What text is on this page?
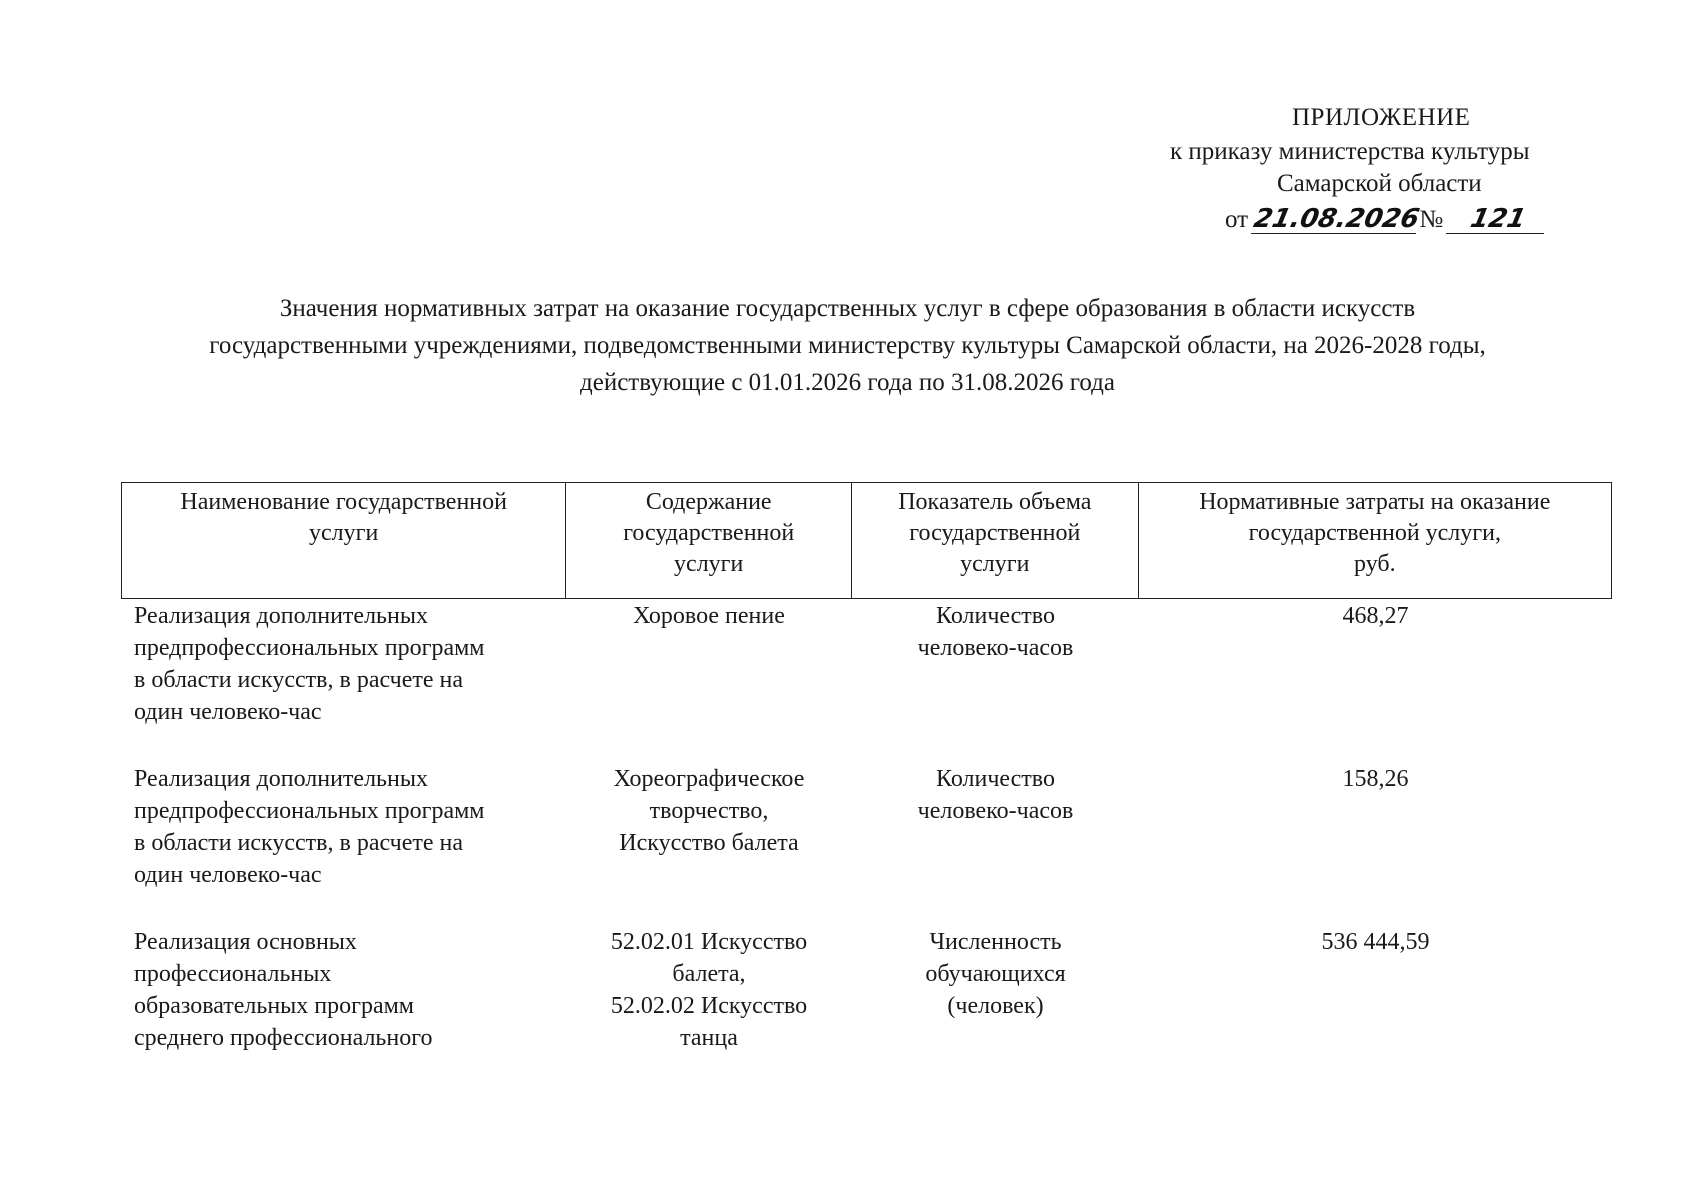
ПРИЛОЖЕНИЕ
к приказу министерства культуры
Самарской области
от 21.08.2026№ 121
Значения нормативных затрат на оказание государственных услуг в сфере образования в области искусств
государственными учреждениями, подведомственными министерству культуры Самарской области, на 2026-2028 годы,
действующие с 01.01.2026 года по 31.08.2026 года
Наименование государственной
услуги
Содержание
государственной
услуги
Показатель объема
государственной
услуги
Нормативные затраты на оказание
государственной услуги,
руб.
Реализация дополнительных
предпрофессиональных программ
в области искусств, в расчете на
один человеко-час
Хоровое пение	Количество
человеко-часов
468,27
Реализация дополнительных
предпрофессиональных программ
в области искусств, в расчете на
один человеко-час
Хореографическое
творчество,
Искусство балета
Количество
человеко-часов
158,26
Реализация основных
профессиональных
образовательных программ
среднего профессионального
52.02.01 Искусство
балета,
52.02.02 Искусство
танца
Численность
обучающихся
(человек)
536 444,59
